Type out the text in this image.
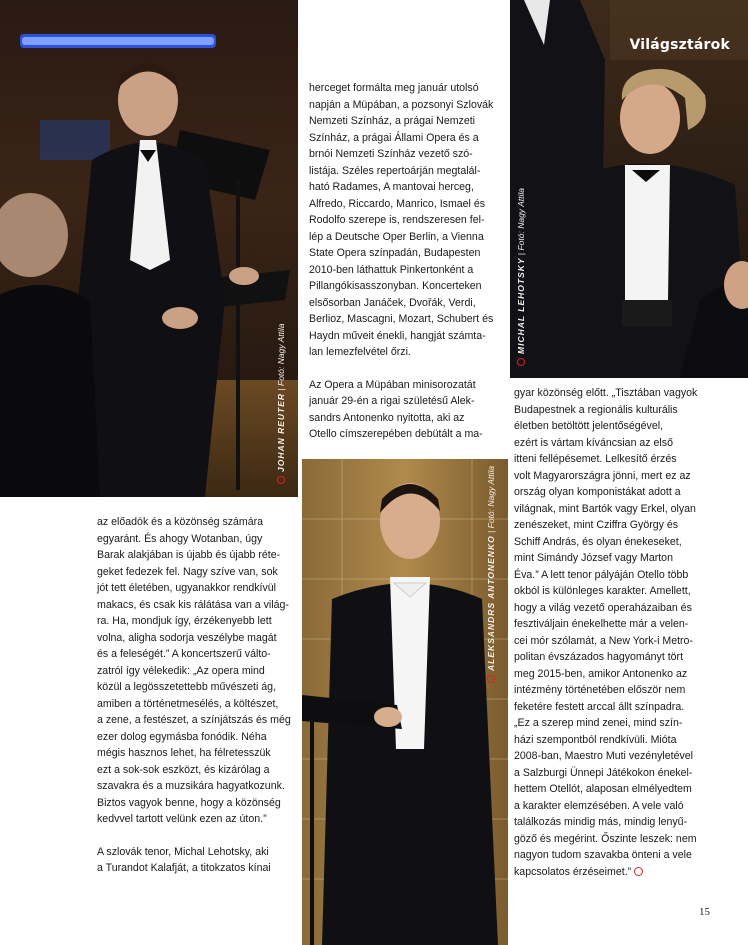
JOHAN REUTER | Fotó: Nagy Attila
Világsztárok
MICHAL LEHOTSKY | Fotó: Nagy Attila
ALEKSANDRS ANTONENKO | Fotó: Nagy Attila
herceget formálta meg január utolsó
napján a Müpában, a pozsonyi Szlovák
Nemzeti Színház, a prágai Nemzeti
Színház, a prágai Állami Opera és a
brnói Nemzeti Színház vezető szó-
listája. Széles repertoárján megtalál-
ható Radames, A mantovai herceg,
Alfredo, Riccardo, Manrico, Ismael és
Rodolfo szerepe is, rendszeresen fel-
lép a Deutsche Oper Berlin, a Vienna
State Opera színpadán, Budapesten
2010-ben láthattuk Pinkertonként a
Pillangókisasszonyban. Koncerteken
elsősorban Janáček, Dvořák, Verdi,
Berlioz, Mascagni, Mozart, Schubert és
Haydn műveit énekli, hangját számta-
lan lemezfelvétel őrzi.
Az Opera a Müpában minisorozatát
január 29-én a rigai születésű Alek-
sandrs Antonenko nyitotta, aki az
Otello címszerepében debütált a ma-
az előadók és a közönség számára
egyaránt. És ahogy Wotanban, úgy
Barak alakjában is újabb és újabb réte-
geket fedezek fel. Nagy szíve van, sok
jót tett életében, ugyanakkor rendkívül
makacs, és csak kis rálátása van a világ-
ra. Ha, mondjuk így, érzékenyebb lett
volna, aligha sodorja veszélybe magát
és a feleségét.” A koncertszerű válto-
zatról így vélekedik: „Az opera mind
közül a legösszetettebb művészeti ág,
amiben a történetmesélés, a költészet,
a zene, a festészet, a színjátszás és még
ezer dolog egymásba fonódik. Néha
mégis hasznos lehet, ha félretesszük
ezt a sok-sok eszközt, és kizárólag a
szavakra és a muzsikára hagyatkozunk.
Biztos vagyok benne, hogy a közönség
kedvvel tartott velünk ezen az úton.”
A szlovák tenor, Michal Lehotsky, aki
a Turandot Kalafját, a titokzatos kínai
gyar közönség előtt. „Tisztában vagyok
Budapestnek a regionális kulturális
életben betöltött jelentőségével,
ezért is vártam kíváncsian az első
itteni fellépésemet. Lelkesítő érzés
volt Magyarországra jönni, mert ez az
ország olyan komponistákat adott a
világnak, mint Bartók vagy Erkel, olyan
zenészeket, mint Cziffra György és
Schiff András, és olyan énekeseket,
mint Simándy József vagy Marton
Éva.” A lett tenor pályáján Otello több
okból is különleges karakter. Amellett,
hogy a világ vezető operaházaiban és
fesztiváljain énekelhette már a velen-
cei mór szólamát, a New York-i Metro-
politan évszázados hagyományt tört
meg 2015-ben, amikor Antonenko az
intézmény történetében először nem
feketére festett arccal állt színpadra.
„Ez a szerep mind zenei, mind szín-
házi szempontból rendkívüli. Mióta
2008-ban, Maestro Muti vezényletével
a Salzburgi Ünnepi Játékokon énekel-
hettem Otellót, alaposan elmélyedtem
a karakter elemzésében. A vele való
találkozás mindig más, mindig lenyű-
göző és megérint. Őszinte leszek: nem
nagyon tudom szavakba önteni a vele
kapcsolatos érzéseimet.”
15
